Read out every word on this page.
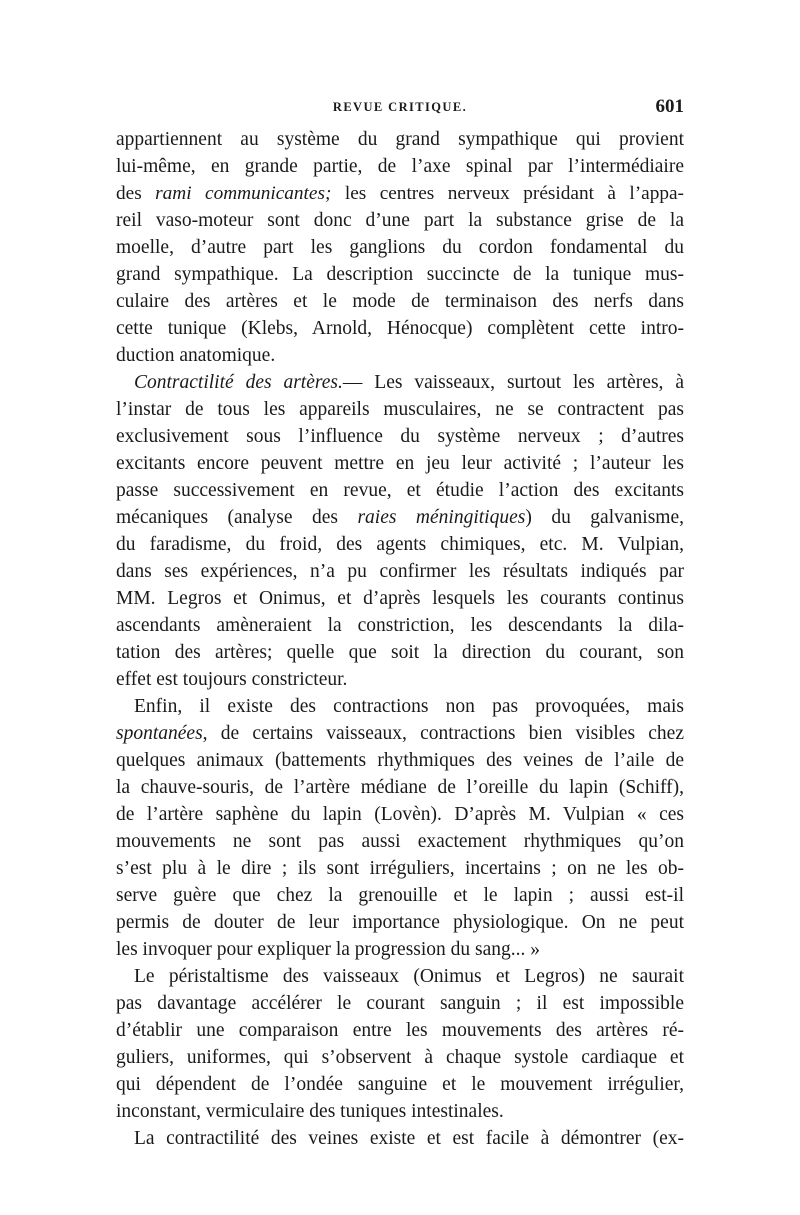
REVUE CRITIQUE.	601
appartiennent au système du grand sympathique qui provient
lui-même, en grande partie, de l’axe spinal par l’intermédiaire
des rami communicantes; les centres nerveux présidant à l’appa-
reil vaso-moteur sont donc d’une part la substance grise de la
moelle, d’autre part les ganglions du cordon fondamental du
grand sympathique. La description succincte de la tunique mus-
culaire des artères et le mode de terminaison des nerfs dans
cette tunique (Klebs, Arnold, Hénocque) complètent cette intro-
duction anatomique.
Contractilité des artères.— Les vaisseaux, surtout les artères, à
l’instar de tous les appareils musculaires, ne se contractent pas
exclusivement sous l’influence du système nerveux ; d’autres
excitants encore peuvent mettre en jeu leur activité ; l’auteur les
passe successivement en revue, et étudie l’action des excitants
mécaniques (analyse des raies méningitiques) du galvanisme,
du faradisme, du froid, des agents chimiques, etc. M. Vulpian,
dans ses expériences, n’a pu confirmer les résultats indiqués par
MM. Legros et Onimus, et d’après lesquels les courants continus
ascendants amèneraient la constriction, les descendants la dila-
tation des artères; quelle que soit la direction du courant, son
effet est toujours constricteur.
Enfin, il existe des contractions non pas provoquées, mais
spontanées, de certains vaisseaux, contractions bien visibles chez
quelques animaux (battements rhythmiques des veines de l’aile de
la chauve-souris, de l’artère médiane de l’oreille du lapin (Schiff),
de l’artère saphène du lapin (Lovèn). D’après M. Vulpian « ces
mouvements ne sont pas aussi exactement rhythmiques qu’on
s’est plu à le dire ; ils sont irréguliers, incertains ; on ne les ob-
serve guère que chez la grenouille et le lapin ; aussi est-il
permis de douter de leur importance physiologique. On ne peut
les invoquer pour expliquer la progression du sang... »
Le péristaltisme des vaisseaux (Onimus et Legros) ne saurait
pas davantage accélérer le courant sanguin ; il est impossible
d’établir une comparaison entre les mouvements des artères ré-
guliers, uniformes, qui s’observent à chaque systole cardiaque et
qui dépendent de l’ondée sanguine et le mouvement irrégulier,
inconstant, vermiculaire des tuniques intestinales.
La contractilité des veines existe et est facile à démontrer (ex-
